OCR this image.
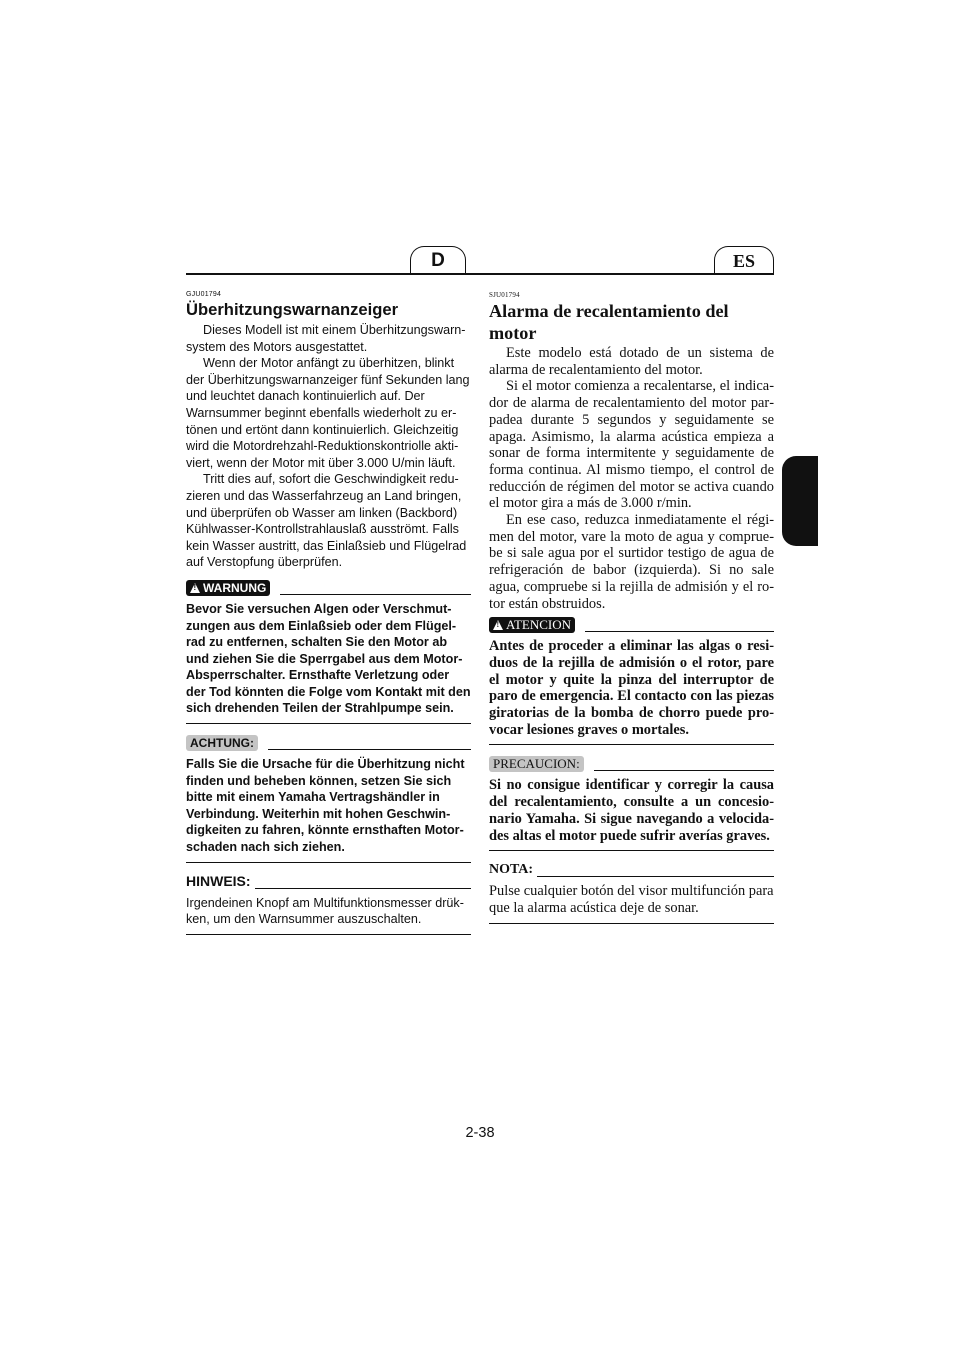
D	ES
GJU01794
Überhitzungswarnanzeiger

Dieses Modell ist mit einem Überhitzungswarnsystem des Motors ausgestattet.

Wenn der Motor anfängt zu überhitzen, blinkt der Überhitzungswarnanzeiger fünf Sekunden lang und leuchtet danach kontinuierlich auf. Der Warnsummer beginnt ebenfalls wiederholt zu ertönen und ertönt dann kontinuierlich. Gleichzeitig wird die Motordrehzahl-Reduktionskontriolle aktiviert, wenn der Motor mit über 3.000 U/min läuft.

Tritt dies auf, sofort die Geschwindigkeit reduzieren und das Wasserfahrzeug an Land bringen, und überprüfen ob Wasser am linken (Backbord) Kühlwasser-Kontrollstrahlauslaß ausströmt. Falls kein Wasser austritt, das Einlaßsieb und Flügelrad auf Verstopfung überprüfen.

!
WARNUNG

Bevor Sie versuchen Algen oder Verschmutzungen aus dem Einlaßsieb oder dem Flügelrad zu entfernen, schalten Sie den Motor ab und ziehen Sie die Sperrgabel aus dem Motor-Absperrschalter. Ernsthafte Verletzung oder der Tod könnten die Folge vom Kontakt mit den sich drehenden Teilen der Strahlpumpe sein.

ACHTUNG:

Falls Sie die Ursache für die Überhitzung nicht finden und beheben können, setzen Sie sich bitte mit einem Yamaha Vertragshändler in Verbindung. Weiterhin mit hohen Geschwindigkeiten zu fahren, könnte ernsthaften Motorschaden nach sich ziehen.

HINWEIS:

Irgendeinen Knopf am Multifunktionsmesser drükken, um den Warnsummer auszuschalten.

SJU01794
Alarma de recalentamiento del motor

Este modelo está dotado de un sistema de alarma de recalentamiento del motor.

Si el motor comienza a recalentarse, el indicador de alarma de recalentamiento del motor parpadea durante 5 segundos y seguidamente se apaga. Asimismo, la alarma acústica empieza a sonar de forma intermitente y seguidamente de forma continua. Al mismo tiempo, el control de reducción de régimen del motor se activa cuando el motor gira a más de 3.000 r/min.

En ese caso, reduzca inmediatamente el régimen del motor, vare la moto de agua y compruebe si sale agua por el surtidor testigo de agua de refrigeración de babor (izquierda). Si no sale agua, compruebe si la rejilla de admisión y el rotor están obstruidos.

!
ATENCION

Antes de proceder a eliminar las algas o residuos de la rejilla de admisión o el rotor, pare el motor y quite la pinza del interruptor de paro de emergencia. El contacto con las piezas giratorias de la bomba de chorro puede provocar lesiones graves o mortales.

PRECAUCION:

Si no consigue identificar y corregir la causa del recalentamiento, consulte a un concesionario Yamaha. Si sigue navegando a velocidades altas el motor puede sufrir averías graves.

NOTA:

Pulse cualquier botón del visor multifunción para que la alarma acústica deje de sonar.

2-38
